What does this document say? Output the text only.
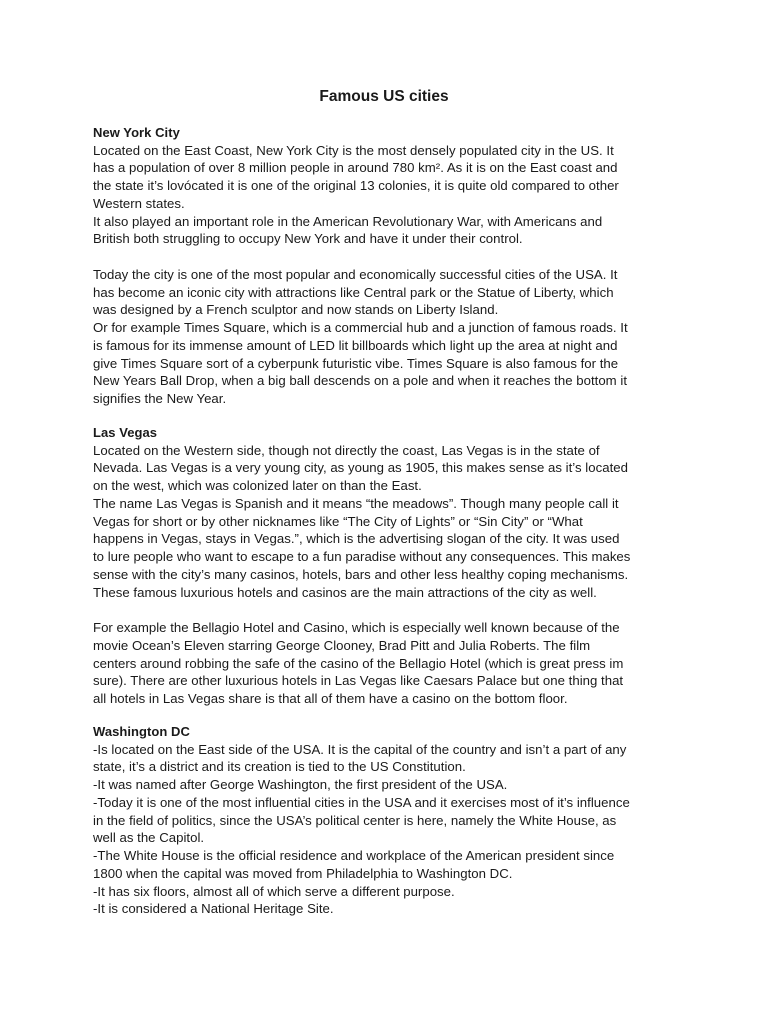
Famous US cities
New York City

Located on the East Coast, New York City is the most densely populated city in the US. It
has a population of over 8 million people in around 780 km². As it is on the East coast and
the state it’s lovócated it is one of the original 13 colonies, it is quite old compared to other
Western states.

It also played an important role in the American Revolutionary War, with Americans and
British both struggling to occupy New York and have it under their control.

Today the city is one of the most popular and economically successful cities of the USA. It
has become an iconic city with attractions like Central park or the Statue of Liberty, which
was designed by a French sculptor and now stands on Liberty Island.

Or for example Times Square, which is a commercial hub and a junction of famous roads. It
is famous for its immense amount of LED lit billboards which light up the area at night and
give Times Square sort of a cyberpunk futuristic vibe. Times Square is also famous for the
New Years Ball Drop, when a big ball descends on a pole and when it reaches the bottom it
signifies the New Year.

Las Vegas

Located on the Western side, though not directly the coast, Las Vegas is in the state of
Nevada. Las Vegas is a very young city, as young as 1905, this makes sense as it’s located
on the west, which was colonized later on than the East.

The name Las Vegas is Spanish and it means “the meadows”. Though many people call it
Vegas for short or by other nicknames like “The City of Lights” or “Sin City” or “What
happens in Vegas, stays in Vegas.”, which is the advertising slogan of the city. It was used
to lure people who want to escape to a fun paradise without any consequences. This makes
sense with the city’s many casinos, hotels, bars and other less healthy coping mechanisms.
These famous luxurious hotels and casinos are the main attractions of the city as well.

For example the Bellagio Hotel and Casino, which is especially well known because of the
movie Ocean’s Eleven starring George Clooney, Brad Pitt and Julia Roberts. The film
centers around robbing the safe of the casino of the Bellagio Hotel (which is great press im
sure). There are other luxurious hotels in Las Vegas like Caesars Palace but one thing that
all hotels in Las Vegas share is that all of them have a casino on the bottom floor.

Washington DC

-Is located on the East side of the USA. It is the capital of the country and isn’t a part of any
state, it’s a district and its creation is tied to the US Constitution.

-It was named after George Washington, the first president of the USA.

-Today it is one of the most influential cities in the USA and it exercises most of it’s influence
in the field of politics, since the USA’s political center is here, namely the White House, as
well as the Capitol.

-The White House is the official residence and workplace of the American president since
1800 when the capital was moved from Philadelphia to Washington DC.

-It has six floors, almost all of which serve a different purpose.

-It is considered a National Heritage Site.
